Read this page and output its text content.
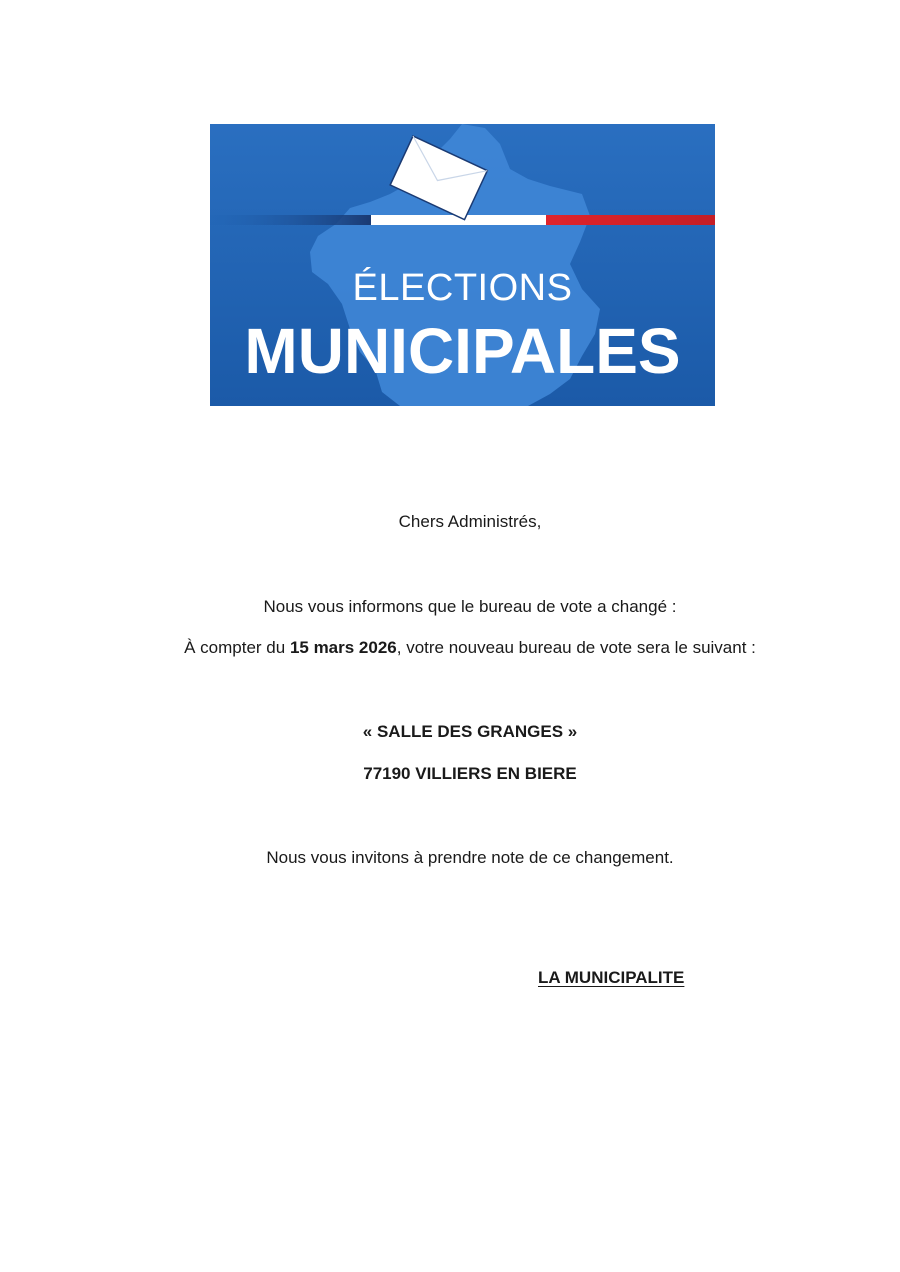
ÉLECTIONS
MUNICIPALES
Chers Administrés,
Nous vous informons que le bureau de vote a changé :
À compter du 15 mars 2026, votre nouveau bureau de vote sera le suivant :
« SALLE DES GRANGES »
77190 VILLIERS EN BIERE
Nous vous invitons à prendre note de ce changement.
LA MUNICIPALITE
